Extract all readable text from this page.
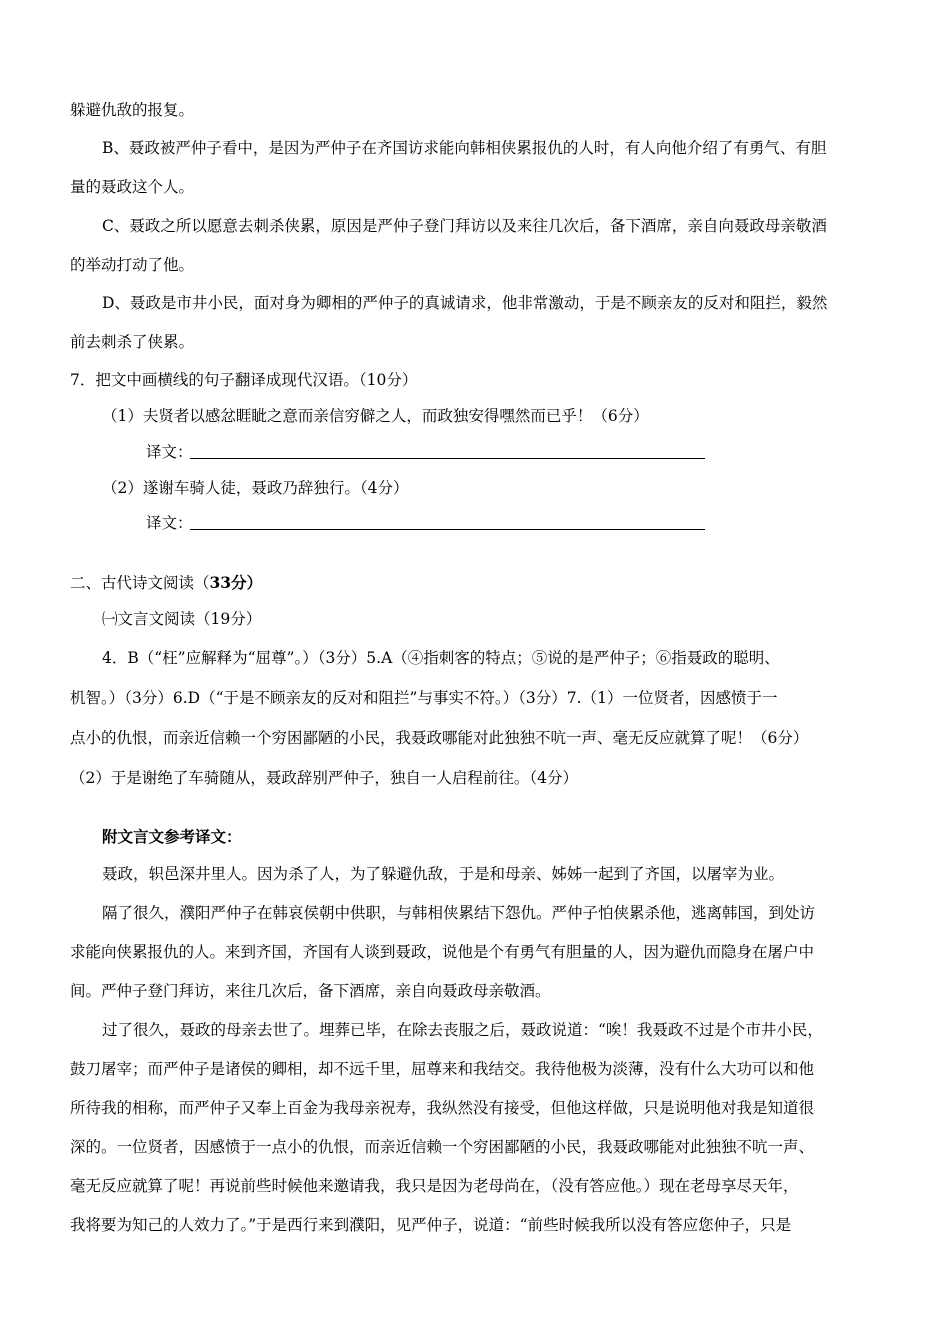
躲避仇敌的报复。
B、聂政被严仲子看中，是因为严仲子在齐国访求能向韩相侠累报仇的人时，有人向他介绍了有勇气、有胆
量的聂政这个人。
C、聂政之所以愿意去刺杀侠累，原因是严仲子登门拜访以及来往几次后，备下酒席，亲自向聂政母亲敬酒
的举动打动了他。
D、聂政是市井小民，面对身为卿相的严仲子的真诚请求，他非常激动，于是不顾亲友的反对和阻拦，毅然
前去刺杀了侠累。
7．把文中画横线的句子翻译成现代汉语。（10分）
（1）夫贤者以感忿睚眦之意而亲信穷僻之人，而政独安得嘿然而已乎！（6分）
译文：
（2）遂谢车骑人徒，聂政乃辞独行。（4分）
译文：
二、古代诗文阅读（33分）
㈠文言文阅读（19分）
4．B（“枉”应解释为“屈尊”。）（3分）5.A（④指刺客的特点；⑤说的是严仲子；⑥指聂政的聪明、
机智。）（3分）6.D（“于是不顾亲友的反对和阻拦”与事实不符。）（3分）7.（1）一位贤者，因感愤于一
点小的仇恨，而亲近信赖一个穷困鄙陋的小民，我聂政哪能对此独独不吭一声、毫无反应就算了呢！（6分）
（2）于是谢绝了车骑随从，聂政辞别严仲子，独自一人启程前往。（4分）
附文言文参考译文：
聂政，轵邑深井里人。因为杀了人，为了躲避仇敌，于是和母亲、姊姊一起到了齐国，以屠宰为业。
隔了很久，濮阳严仲子在韩哀侯朝中供职，与韩相侠累结下怨仇。严仲子怕侠累杀他，逃离韩国，到处访
求能向侠累报仇的人。来到齐国，齐国有人谈到聂政，说他是个有勇气有胆量的人，因为避仇而隐身在屠户中
间。严仲子登门拜访，来往几次后，备下酒席，亲自向聂政母亲敬酒。
过了很久，聂政的母亲去世了。埋葬已毕，在除去丧服之后，聂政说道：“唉！我聂政不过是个市井小民，
鼓刀屠宰；而严仲子是诸侯的卿相，却不远千里，屈尊来和我结交。我待他极为淡薄，没有什么大功可以和他
所待我的相称，而严仲子又奉上百金为我母亲祝寿，我纵然没有接受，但他这样做，只是说明他对我是知道很
深的。一位贤者，因感愤于一点小的仇恨，而亲近信赖一个穷困鄙陋的小民，我聂政哪能对此独独不吭一声、
毫无反应就算了呢！再说前些时候他来邀请我，我只是因为老母尚在，（没有答应他。）现在老母享尽天年，
我将要为知己的人效力了。”于是西行来到濮阳，见严仲子，说道：“前些时候我所以没有答应您仲子，只是
